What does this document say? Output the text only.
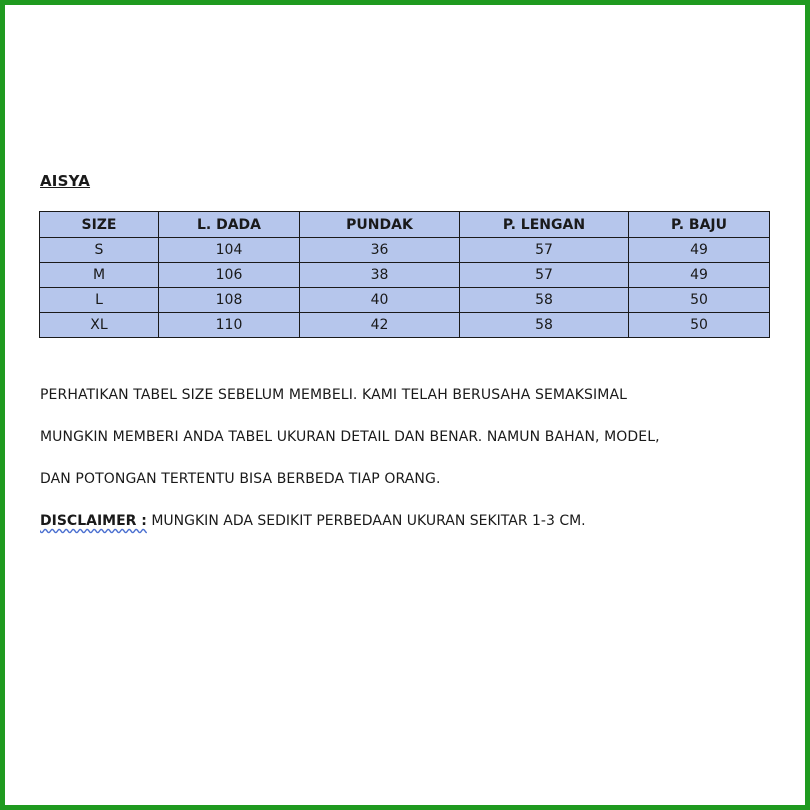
AISYA
SIZE	L. DADA	PUNDAK	P. LENGAN	P. BAJU
S	104	36	57	49
M	106	38	57	49
L	108	40	58	50
XL	110	42	58	50
PERHATIKAN TABEL SIZE SEBELUM MEMBELI. KAMI TELAH BERUSAHA SEMAKSIMAL
MUNGKIN MEMBERI ANDA TABEL UKURAN DETAIL DAN BENAR. NAMUN BAHAN, MODEL,
DAN POTONGAN TERTENTU BISA BERBEDA TIAP ORANG.
DISCLAIMER : MUNGKIN ADA SEDIKIT PERBEDAAN UKURAN SEKITAR 1-3 CM.
